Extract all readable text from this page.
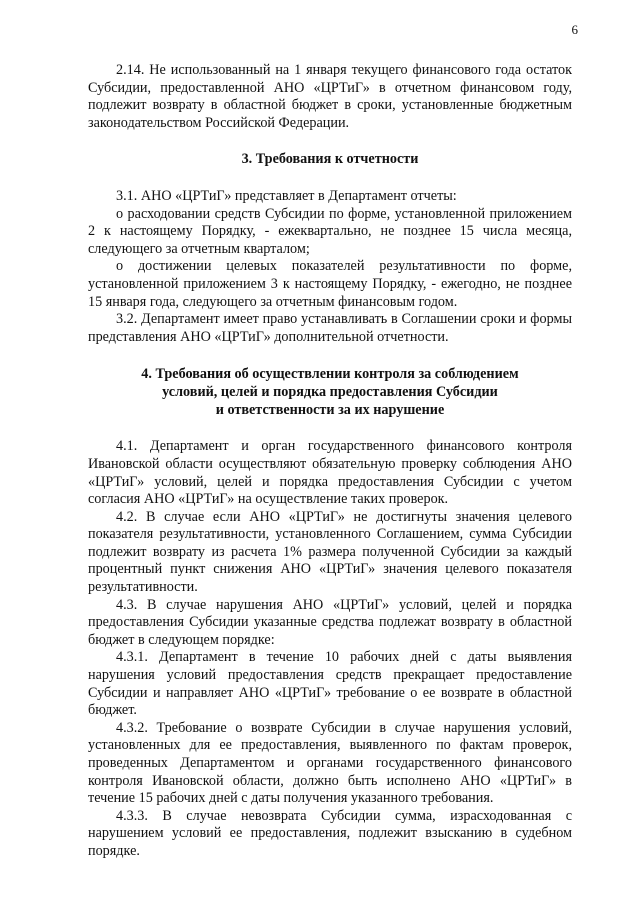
6

2.14. Не использованный на 1 января текущего финансового года остаток Субсидии, предоставленной АНО «ЦРТиГ» в отчетном финансовом году, подлежит возврату в областной бюджет в сроки, установленные бюджетным законодательством Российской Федерации.

3. Требования к отчетности

3.1. АНО «ЦРТиГ» представляет в Департамент отчеты:

о расходовании средств Субсидии по форме, установленной приложением 2 к настоящему Порядку, - ежеквартально, не позднее 15 числа месяца, следующего за отчетным кварталом;

о достижении целевых показателей результативности по форме, установленной приложением 3 к настоящему Порядку, - ежегодно, не позднее 15 января года, следующего за отчетным финансовым годом.

3.2. Департамент имеет право устанавливать в Соглашении сроки и формы представления АНО «ЦРТиГ» дополнительной отчетности.

4. Требования об осуществлении контроля за соблюдением
условий, целей и порядка предоставления Субсидии
и ответственности за их нарушение

4.1. Департамент и орган государственного финансового контроля Ивановской области осуществляют обязательную проверку соблюдения АНО «ЦРТиГ» условий, целей и порядка предоставления Субсидии с учетом согласия АНО «ЦРТиГ» на осуществление таких проверок.

4.2. В случае если АНО «ЦРТиГ» не достигнуты значения целевого показателя результативности, установленного Соглашением, сумма Субсидии подлежит возврату из расчета 1% размера полученной Субсидии за каждый процентный пункт снижения АНО «ЦРТиГ» значения целевого показателя результативности.

4.3. В случае нарушения АНО «ЦРТиГ» условий, целей и порядка предоставления Субсидии указанные средства подлежат возврату в областной бюджет в следующем порядке:

4.3.1. Департамент в течение 10 рабочих дней с даты выявления нарушения условий предоставления средств прекращает предоставление Субсидии и направляет АНО «ЦРТиГ» требование о ее возврате в областной бюджет.

4.3.2. Требование о возврате Субсидии в случае нарушения условий, установленных для ее предоставления, выявленного по фактам проверок, проведенных Департаментом и органами государственного финансового контроля Ивановской области, должно быть исполнено АНО «ЦРТиГ» в течение 15 рабочих дней с даты получения указанного требования.

4.3.3. В случае невозврата Субсидии сумма, израсходованная с нарушением условий ее предоставления, подлежит взысканию в судебном порядке.
